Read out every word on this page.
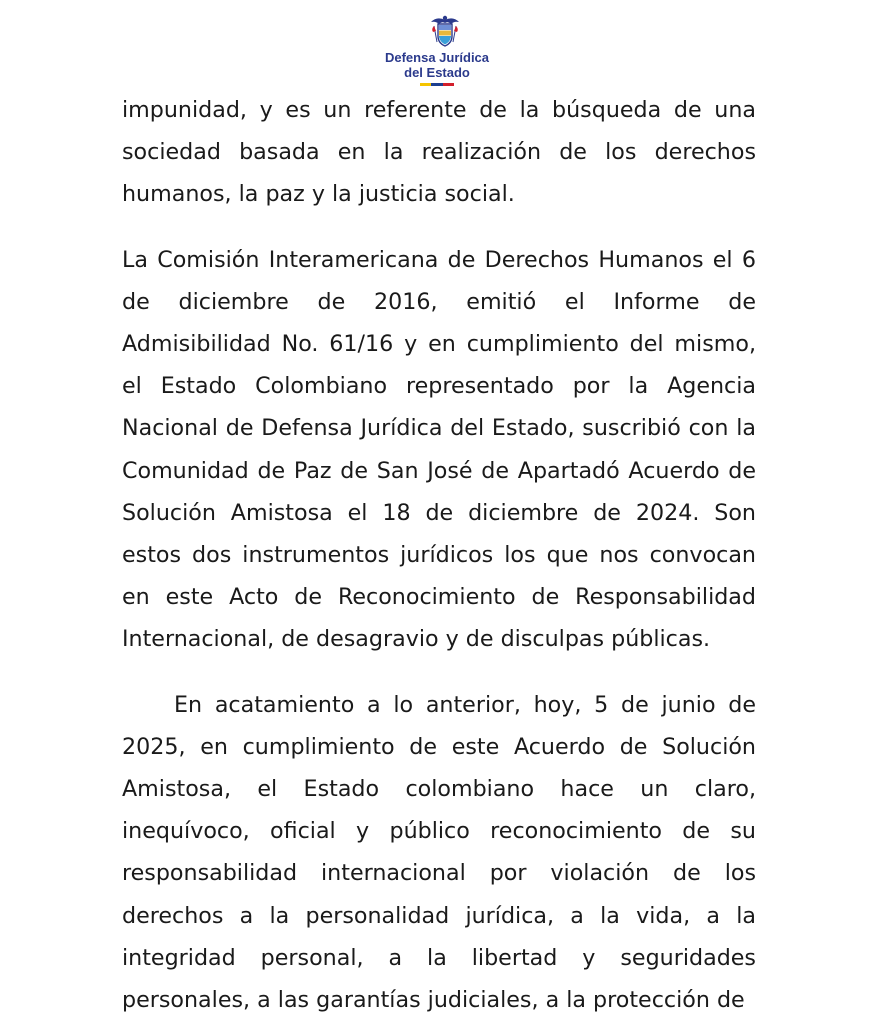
Defensa Jurídica
del Estado

impunidad, y es un referente de la búsqueda de una sociedad basada en la realización de los derechos humanos, la paz y la justicia social.

La Comisión Interamericana de Derechos Humanos el 6 de diciembre de 2016, emitió el Informe de Admisibilidad No. 61/16 y en cumplimiento del mismo, el Estado Colombiano representado por la Agencia Nacional de Defensa Jurídica del Estado, suscribió con la Comunidad de Paz de San José de Apartadó Acuerdo de Solución Amistosa el 18 de diciembre de 2024. Son estos dos instrumentos jurídicos los que nos convocan en este Acto de Reconocimiento de Responsabilidad Internacional, de desagravio y de disculpas públicas.

En acatamiento a lo anterior, hoy, 5 de junio de 2025, en cumplimiento de este Acuerdo de Solución Amistosa, el Estado colombiano hace un claro, inequívoco, oficial y público reconocimiento de su responsabilidad internacional por violación de los derechos a la personalidad jurídica, a la vida, a la integridad personal, a la libertad y seguridades personales, a las garantías judiciales, a la protección de
